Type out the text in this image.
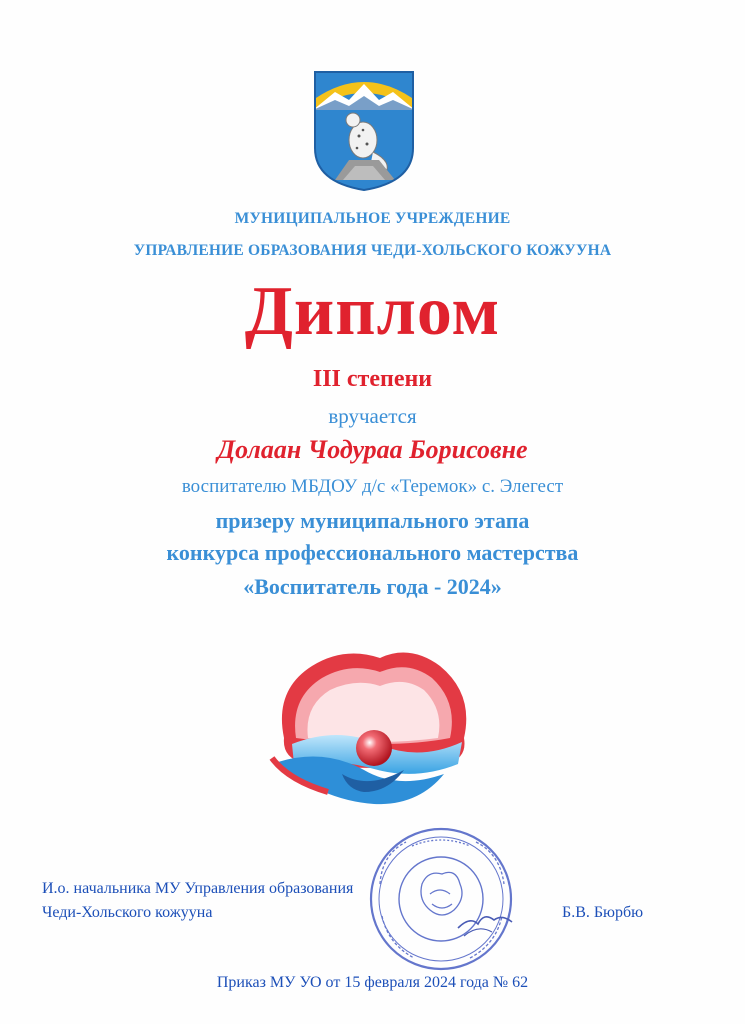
МУНИЦИПАЛЬНОЕ УЧРЕЖДЕНИЕ
УПРАВЛЕНИЕ ОБРАЗОВАНИЯ ЧЕДИ-ХОЛЬСКОГО КОЖУУНА
Диплом
III степени
вручается
Долаан Чодураа Борисовне
воспитателю МБДОУ д/с «Теремок» с. Элегест
призеру муниципального этапа
конкурса профессионального мастерства
«Воспитатель года - 2024»
И.о. начальника МУ Управления образования
Чеди-Хольского кожууна	Б.В. Бюрбю
Приказ МУ УО от 15 февраля 2024 года № 62
